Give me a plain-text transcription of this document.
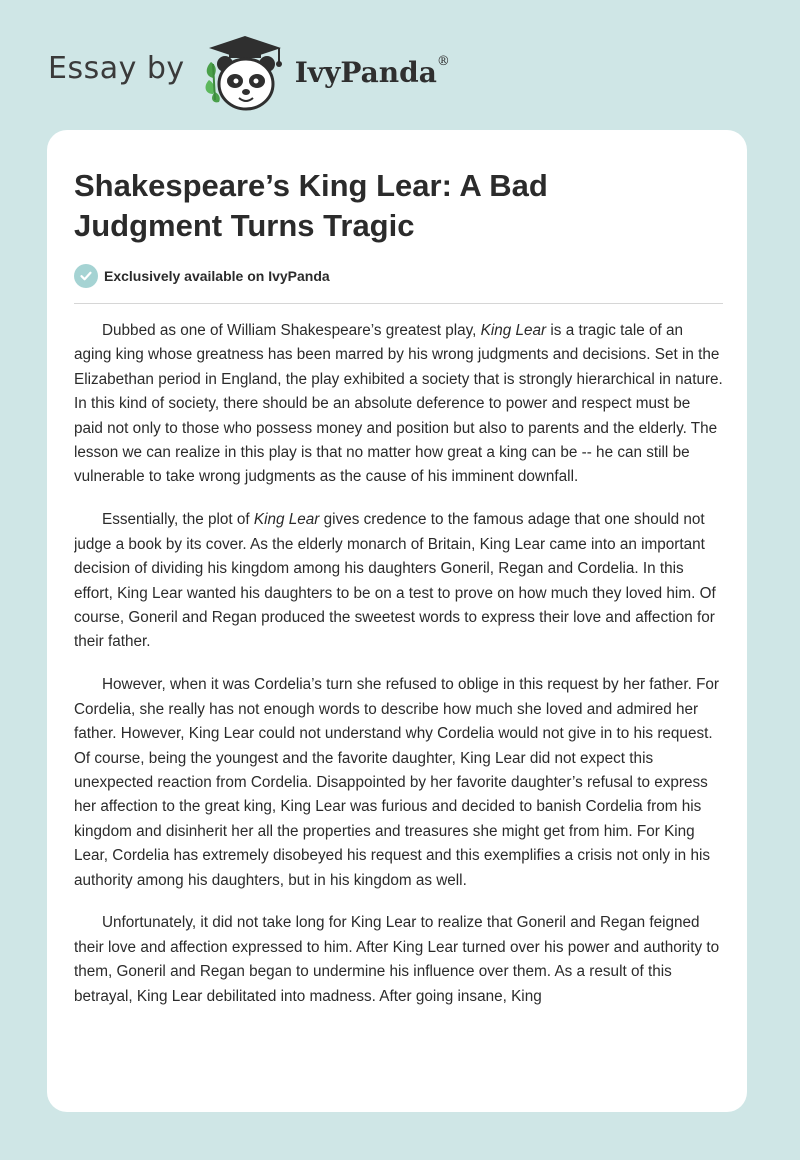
Essay by	IvyPanda®
Shakespeare’s King Lear: A Bad Judgment Turns Tragic
Exclusively available on IvyPanda

Dubbed as one of William Shakespeare’s greatest play, King Lear is a tragic tale of an aging king whose greatness has been marred by his wrong judgments and decisions. Set in the Elizabethan period in England, the play exhibited a society that is strongly hierarchical in nature. In this kind of society, there should be an absolute deference to power and respect must be paid not only to those who possess money and position but also to parents and the elderly. The lesson we can realize in this play is that no matter how great a king can be -- he can still be vulnerable to take wrong judgments as the cause of his imminent downfall.

Essentially, the plot of King Lear gives credence to the famous adage that one should not judge a book by its cover. As the elderly monarch of Britain, King Lear came into an important decision of dividing his kingdom among his daughters Goneril, Regan and Cordelia. In this effort, King Lear wanted his daughters to be on a test to prove on how much they loved him. Of course, Goneril and Regan produced the sweetest words to express their love and affection for their father.

However, when it was Cordelia’s turn she refused to oblige in this request by her father. For Cordelia, she really has not enough words to describe how much she loved and admired her father. However, King Lear could not understand why Cordelia would not give in to his request. Of course, being the youngest and the favorite daughter, King Lear did not expect this unexpected reaction from Cordelia. Disappointed by her favorite daughter’s refusal to express her affection to the great king, King Lear was furious and decided to banish Cordelia from his kingdom and disinherit her all the properties and treasures she might get from him. For King Lear, Cordelia has extremely disobeyed his request and this exemplifies a crisis not only in his authority among his daughters, but in his kingdom as well.

Unfortunately, it did not take long for King Lear to realize that Goneril and Regan feigned their love and affection expressed to him. After King Lear turned over his power and authority to them, Goneril and Regan began to undermine his influence over them. As a result of this betrayal, King Lear debilitated into madness. After going insane, King
